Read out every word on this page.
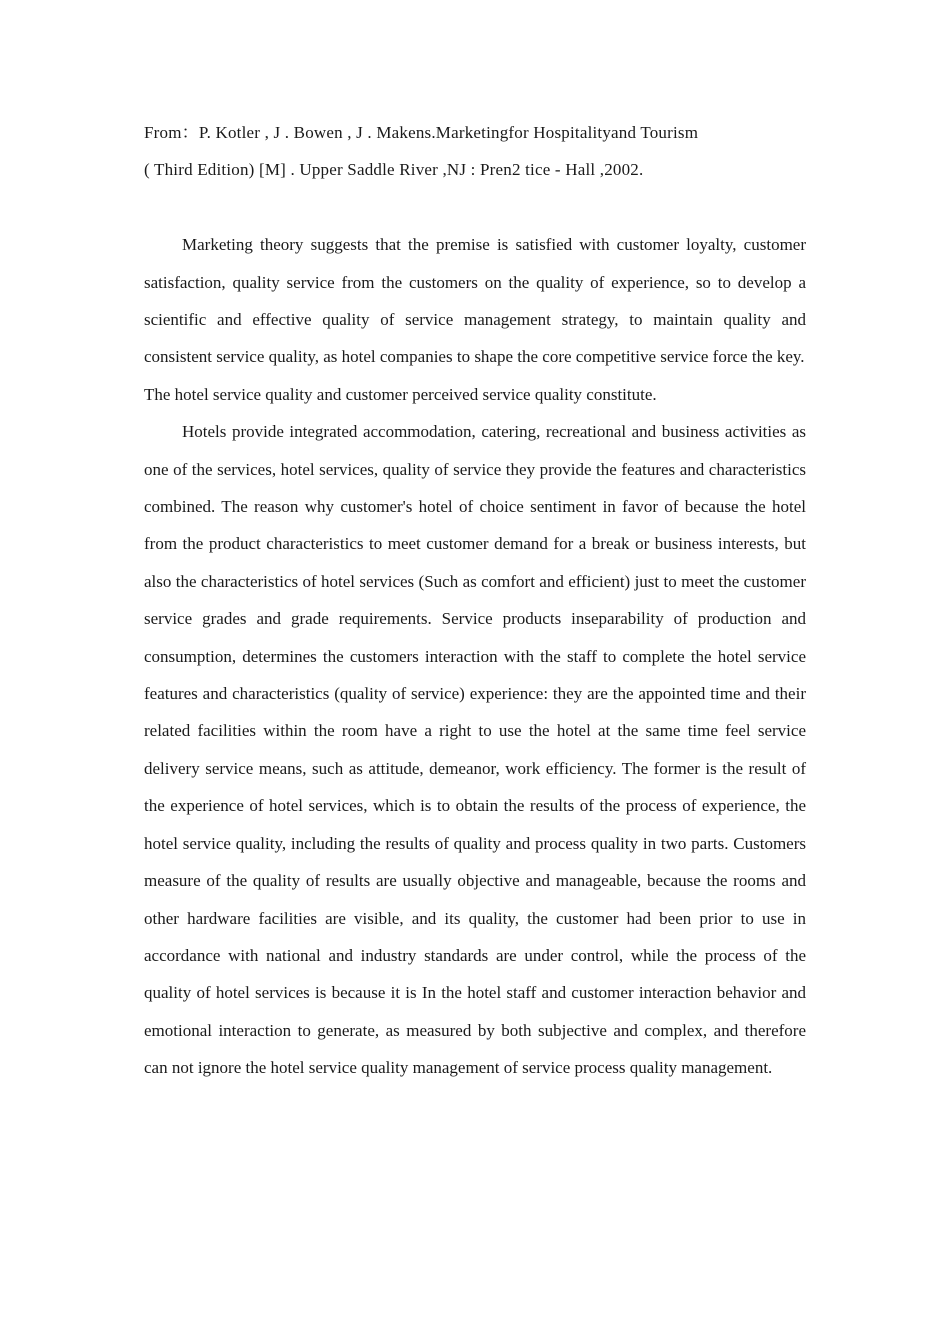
From：P. Kotler , J . Bowen , J . Makens.Marketingfor Hospitalityand Tourism
( Third Edition) [M] . Upper Saddle River ,NJ : Pren2 tice - Hall ,2002.

Marketing theory suggests that the premise is satisfied with customer loyalty, customer satisfaction, quality service from the customers on the quality of experience, so to develop a scientific and effective quality of service management strategy, to maintain quality and consistent service quality, as hotel companies to shape the core competitive service force the key.

The hotel service quality and customer perceived service quality constitute.

Hotels provide integrated accommodation, catering, recreational and business activities as one of the services, hotel services, quality of service they provide the features and characteristics combined. The reason why customer's hotel of choice sentiment in favor of because the hotel from the product characteristics to meet customer demand for a break or business interests, but also the characteristics of hotel services (Such as comfort and efficient) just to meet the customer service grades and grade requirements. Service products inseparability of production and consumption, determines the customers interaction with the staff to complete the hotel service features and characteristics (quality of service) experience: they are the appointed time and their related facilities within the room have a right to use the hotel at the same time feel service delivery service means, such as attitude, demeanor, work efficiency. The former is the result of the experience of hotel services, which is to obtain the results of the process of experience, the hotel service quality, including the results of quality and process quality in two parts. Customers measure of the quality of results are usually objective and manageable, because the rooms and other hardware facilities are visible, and its quality, the customer had been prior to use in accordance with national and industry standards are under control, while the process of the quality of hotel services is because it is In the hotel staff and customer interaction behavior and emotional interaction to generate, as measured by both subjective and complex, and therefore can not ignore the hotel service quality management of service process quality management.
